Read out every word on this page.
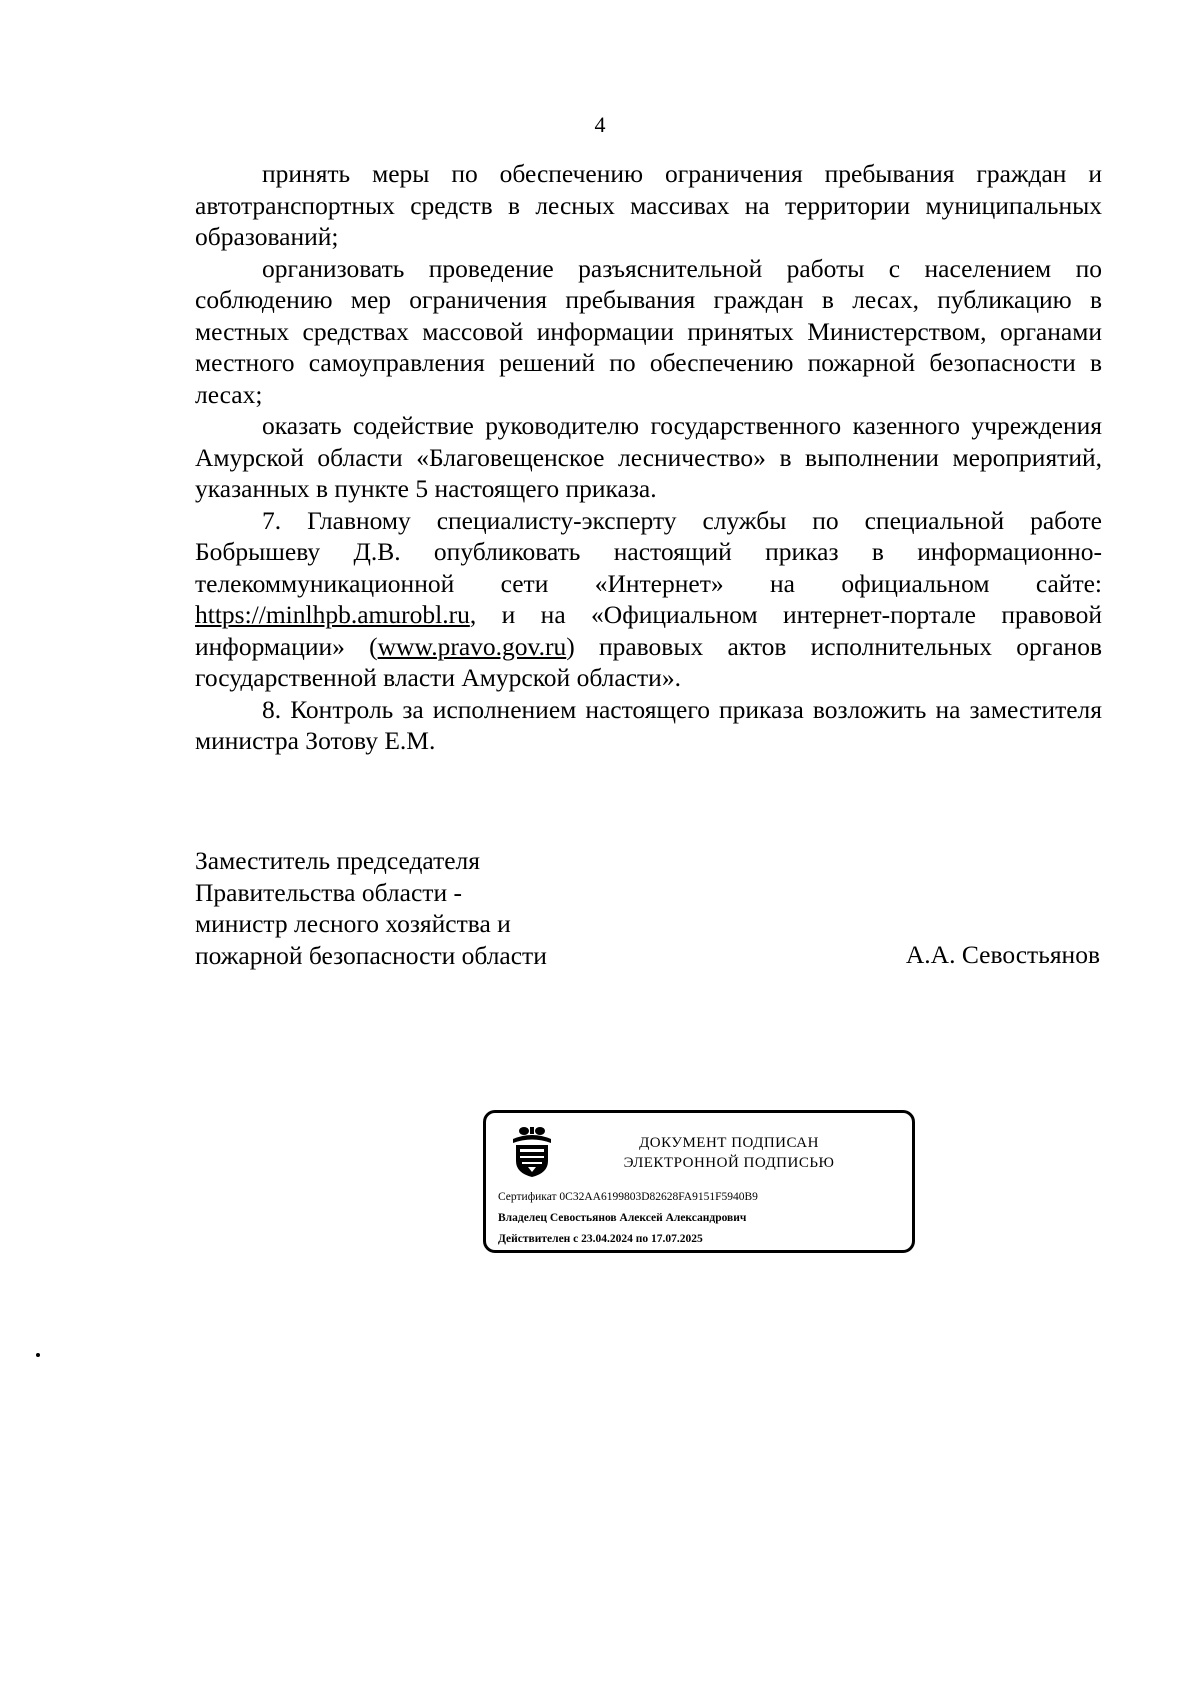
4

принять меры по обеспечению ограничения пребывания граждан и автотранспортных средств в лесных массивах на территории муниципальных образований;

организовать проведение разъяснительной работы с населением по соблюдению мер ограничения пребывания граждан в лесах, публикацию в местных средствах массовой информации принятых Министерством, органами местного самоуправления решений по обеспечению пожарной безопасности в лесах;

оказать содействие руководителю государственного казенного учреждения Амурской области «Благовещенское лесничество» в выполнении мероприятий, указанных в пункте 5 настоящего приказа.

7. Главному специалисту-эксперту службы по специальной работе Бобрышеву Д.В. опубликовать настоящий приказ в информационно-телекоммуникационной сети «Интернет» на официальном сайте: https://minlhpb.amurobl.ru, и на «Официальном интернет-портале правовой информации» (www.pravo.gov.ru) правовых актов исполнительных органов государственной власти Амурской области».

8. Контроль за исполнением настоящего приказа возложить на заместителя министра Зотову Е.М.

Заместитель председателя
Правительства области -
министр лесного хозяйства и
пожарной безопасности области	А.А. Севостьянов
ДОКУМЕНТ ПОДПИСАН
ЭЛЕКТРОННОЙ ПОДПИСЬЮ
Сертификат 0C32AA6199803D82628FA9151F5940B9
Владелец Севостьянов Алексей Александрович
Действителен с 23.04.2024 по 17.07.2025
